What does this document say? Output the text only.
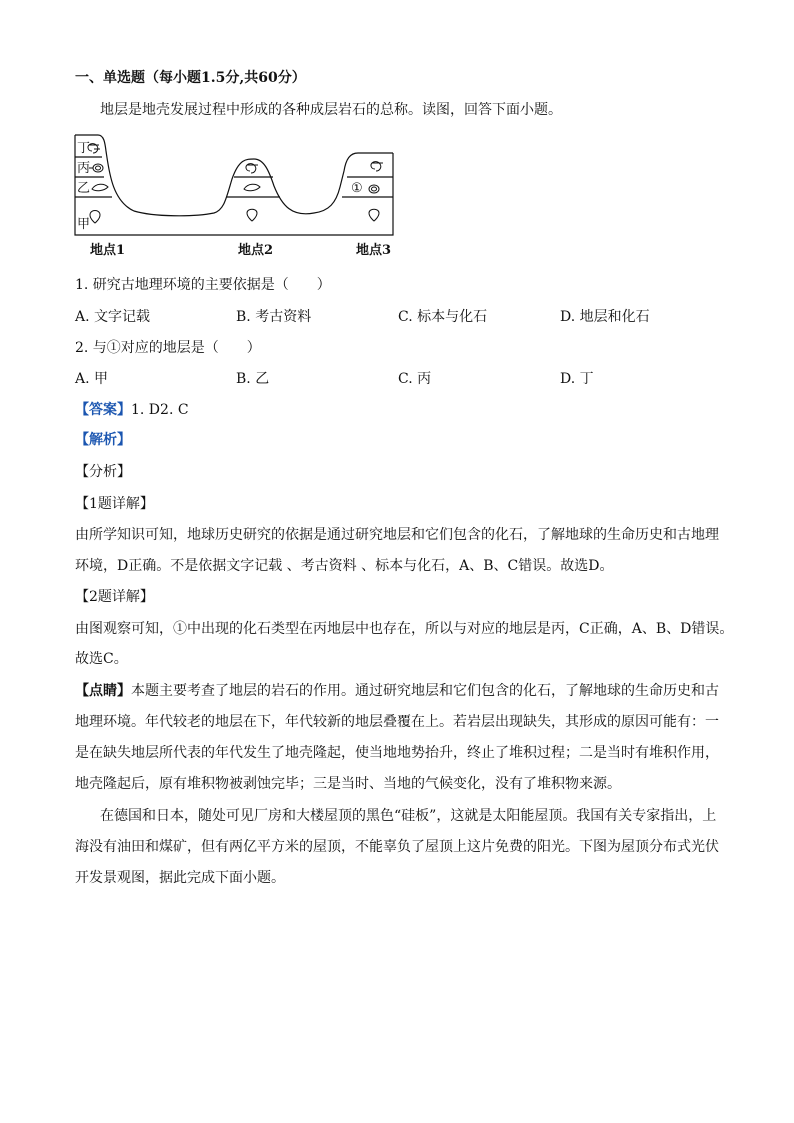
一、单选题（每小题1.5分,共60分）
地层是地壳发展过程中形成的各种成层岩石的总称。读图，回答下面小题。
丁
丙
乙
甲
①
地点1	地点2	地点3
1. 研究古地理环境的主要依据是（　　）
A. 文字记载	B. 考古资料	C. 标本与化石	D. 地层和化石
2. 与①对应的地层是（　　）
A. 甲	B. 乙	C. 丙	D. 丁
【答案】1. D2. C
【解析】
【分析】
【1题详解】
由所学知识可知，地球历史研究的依据是通过研究地层和它们包含的化石，了解地球的生命历史和古地理
环境，D正确。不是依据文字记载 、考古资料 、标本与化石，A、B、C错误。故选D。
【2题详解】
由图观察可知，①中出现的化石类型在丙地层中也存在，所以与对应的地层是丙，C正确，A、B、D错误。
故选C。
【点睛】本题主要考查了地层的岩石的作用。通过研究地层和它们包含的化石，了解地球的生命历史和古
地理环境。年代较老的地层在下，年代较新的地层叠覆在上。若岩层出现缺失，其形成的原因可能有：一
是在缺失地层所代表的年代发生了地壳隆起，使当地地势抬升，终止了堆积过程；二是当时有堆积作用，
地壳隆起后，原有堆积物被剥蚀完毕；三是当时、当地的气候变化，没有了堆积物来源。
在德国和日本，随处可见厂房和大楼屋顶的黑色“硅板”，这就是太阳能屋顶。我国有关专家指出，上
海没有油田和煤矿，但有两亿平方米的屋顶，不能辜负了屋顶上这片免费的阳光。下图为屋顶分布式光伏
开发景观图，据此完成下面小题。
